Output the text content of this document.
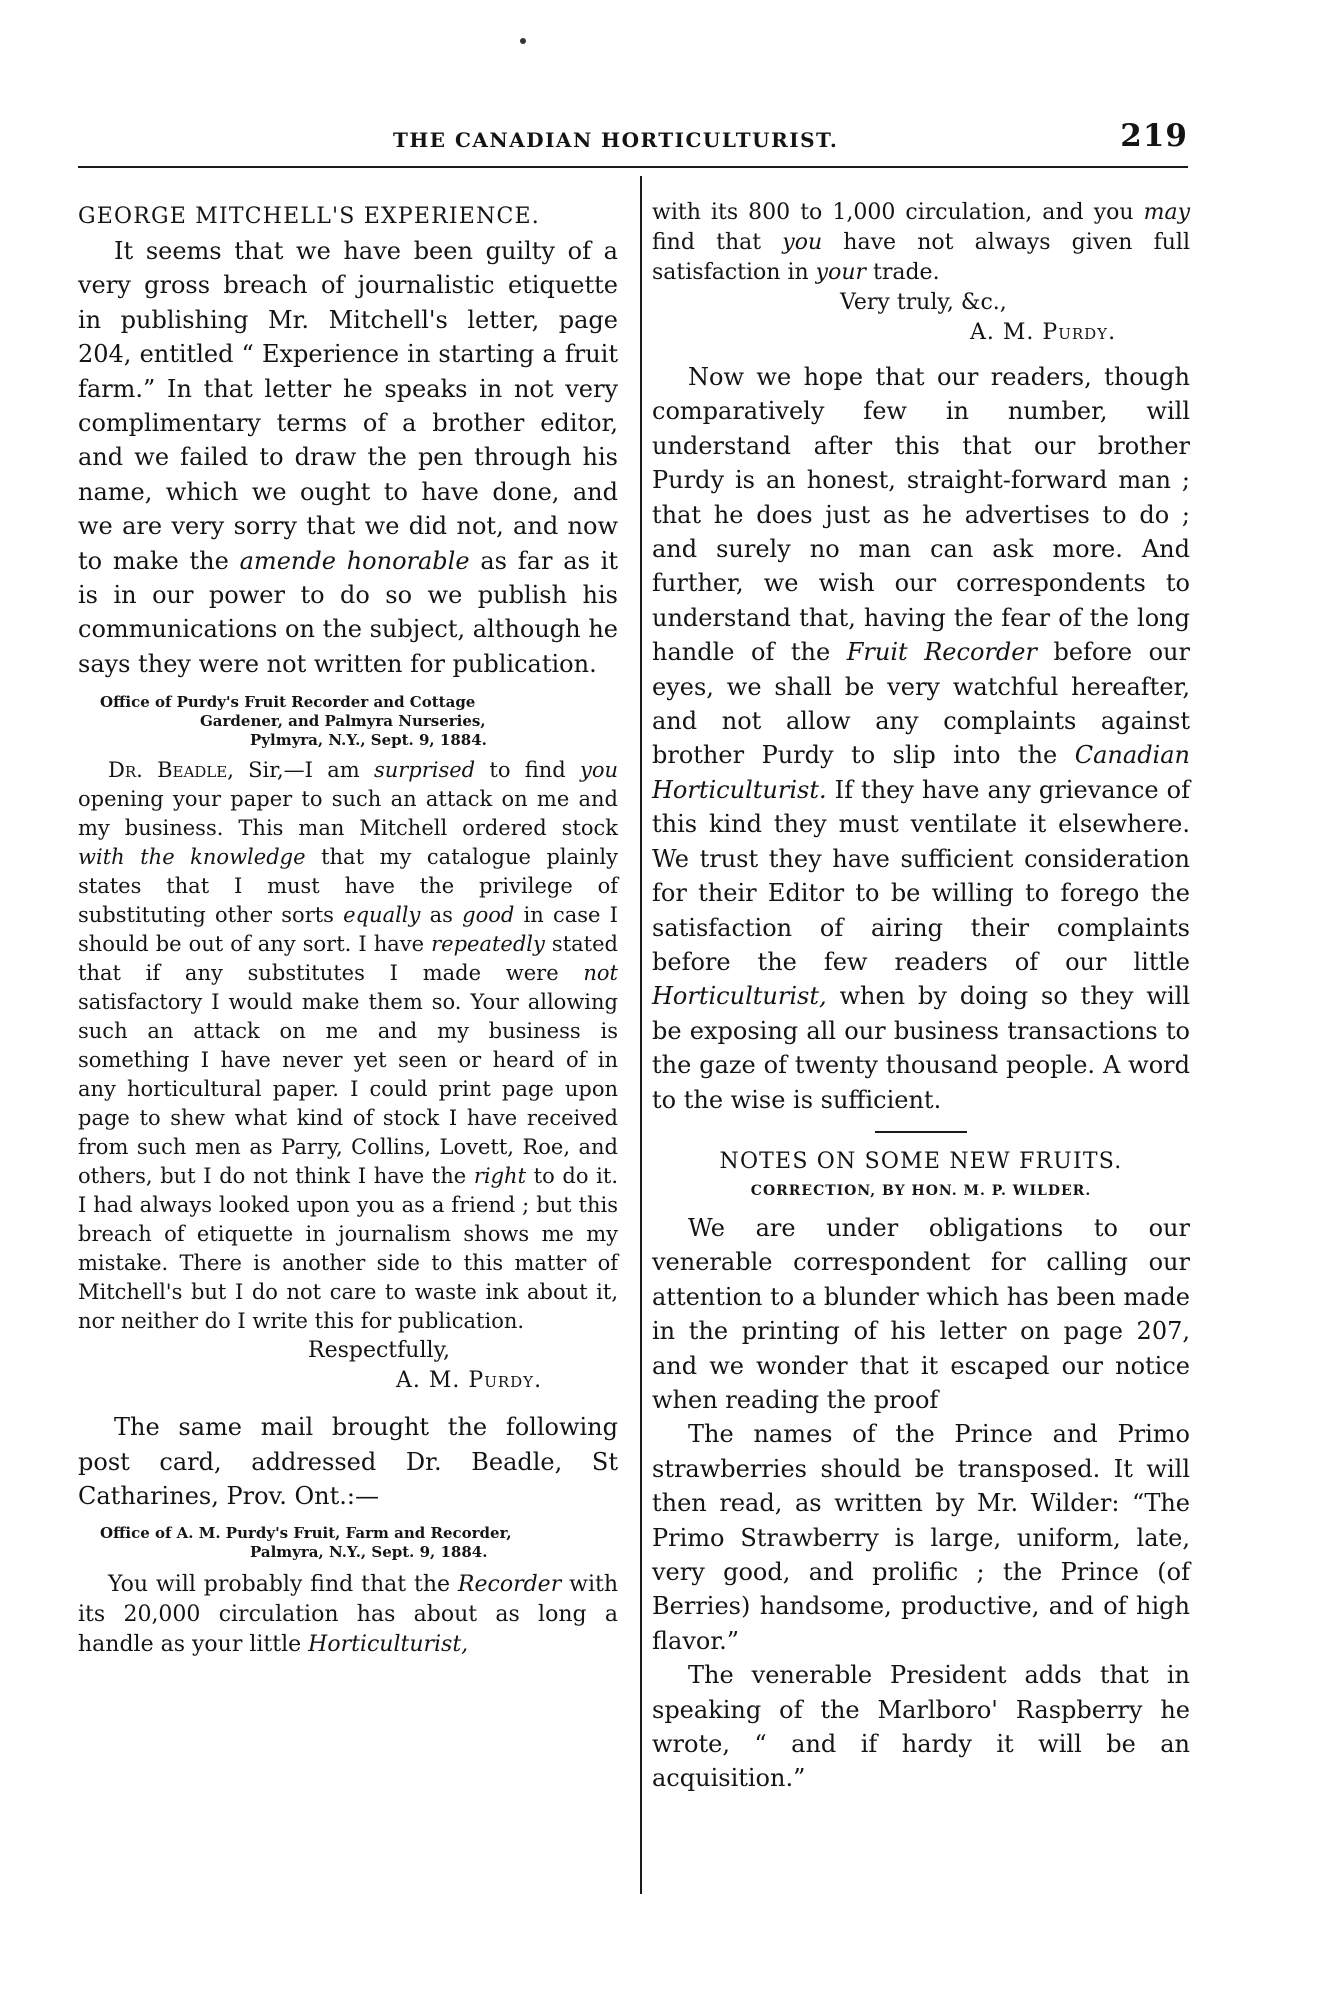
THE CANADIAN HORTICULTURIST.	219
GEORGE MITCHELL'S EXPERIENCE.

It seems that we have been guilty of a very gross breach of journalistic etiquette in publishing Mr. Mitchell's letter, page 204, entitled “ Experience in starting a fruit farm.” In that letter he speaks in not very complimentary terms of a brother editor, and we failed to draw the pen through his name, which we ought to have done, and we are very sorry that we did not, and now to make the amende honorable as far as it is in our power to do so we publish his communications on the subject, although he says they were not written for publication.

Office of Purdy's Fruit Recorder and Cottage
Gardener, and Palmyra Nurseries,
Pylmyra, N.Y., Sept. 9, 1884.

Dr. Beadle, Sir,—I am surprised to find you opening your paper to such an attack on me and my business. This man Mitchell ordered stock with the knowledge that my catalogue plainly states that I must have the privilege of substituting other sorts equally as good in case I should be out of any sort. I have repeatedly stated that if any substitutes I made were not satisfactory I would make them so. Your allowing such an attack on me and my business is something I have never yet seen or heard of in any horticultural paper. I could print page upon page to shew what kind of stock I have received from such men as Parry, Collins, Lovett, Roe, and others, but I do not think I have the right to do it. I had always looked upon you as a friend ; but this breach of etiquette in journalism shows me my mistake. There is another side to this matter of Mitchell's but I do not care to waste ink about it, nor neither do I write this for publication.

Respectfully,
A. M. Purdy.

The same mail brought the following post card, addressed Dr. Beadle, St Catharines, Prov. Ont.:—

Office of A. M. Purdy's Fruit, Farm and Recorder,
Palmyra, N.Y., Sept. 9, 1884.

You will probably find that the Recorder with its 20,000 circulation has about as long a handle as your little Horticulturist,

with its 800 to 1,000 circulation, and you may find that you have not always given full satisfaction in your trade.

Very truly, &c.,
A. M. Purdy.

Now we hope that our readers, though comparatively few in number, will understand after this that our brother Purdy is an honest, straight-forward man ; that he does just as he advertises to do ; and surely no man can ask more. And further, we wish our correspondents to understand that, having the fear of the long handle of the Fruit Recorder before our eyes, we shall be very watchful hereafter, and not allow any complaints against brother Purdy to slip into the Canadian Horticulturist. If they have any grievance of this kind they must ventilate it elsewhere. We trust they have sufficient consideration for their Editor to be willing to forego the satisfaction of airing their complaints before the few readers of our little Horticulturist, when by doing so they will be exposing all our business transactions to the gaze of twenty thousand people. A word to the wise is sufficient.

NOTES ON SOME NEW FRUITS.
CORRECTION, BY HON. M. P. WILDER.

We are under obligations to our venerable correspondent for calling our attention to a blunder which has been made in the printing of his letter on page 207, and we wonder that it escaped our notice when reading the proof

The names of the Prince and Primo strawberries should be transposed. It will then read, as written by Mr. Wilder: “The Primo Strawberry is large, uniform, late, very good, and prolific ; the Prince (of Berries) handsome, productive, and of high flavor.”

The venerable President adds that in speaking of the Marlboro' Raspberry he wrote, “ and if hardy it will be an acquisition.”
